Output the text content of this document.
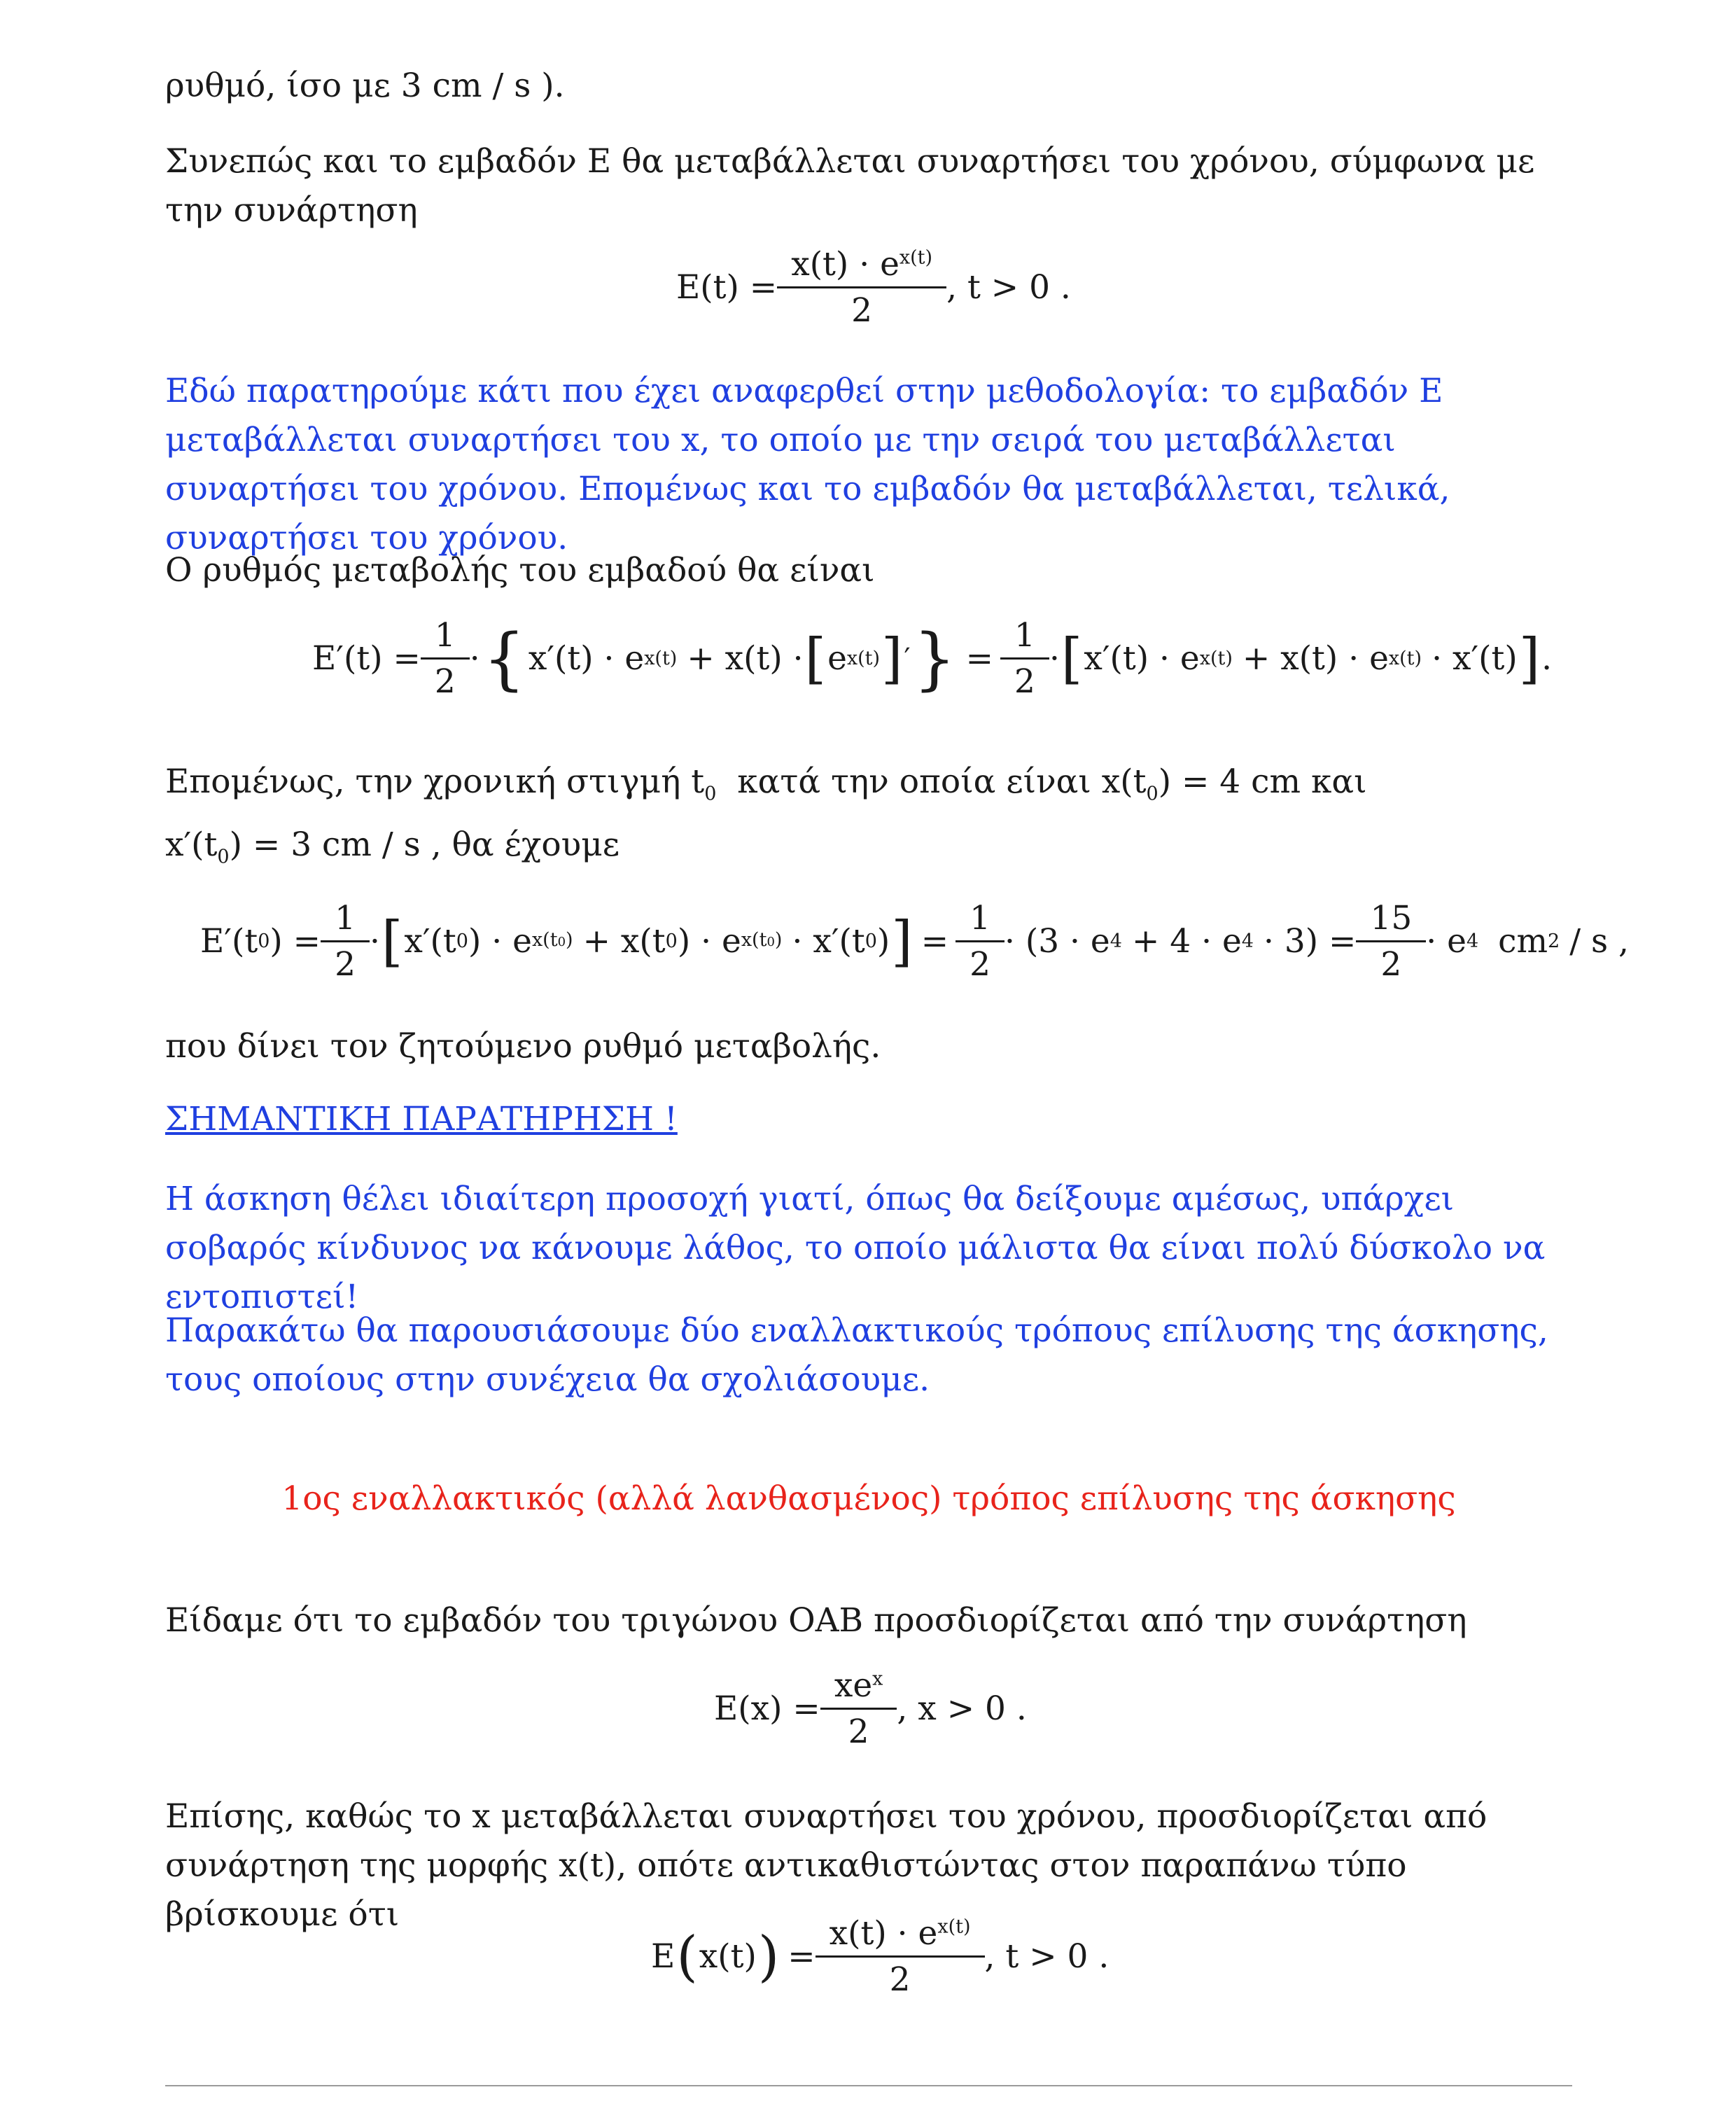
ρυθμό, ίσο με 3 cm / s ).

Συνεπώς και το εμβαδόν Ε θα μεταβάλλεται συναρτήσει του χρόνου, σύμφωνα με την συνάρτηση

$E(t) = \frac{x(t) \cdot e^{x(t)}}{2}$ , t > 0 .

Εδώ παρατηρούμε κάτι που έχει αναφερθεί στην μεθοδολογία: το εμβαδόν Ε μεταβάλλεται συναρτήσει του x, το οποίο με την σειρά του μεταβάλλεται συναρτήσει του χρόνου. Επομένως και το εμβαδόν θα μεταβάλλεται, τελικά, συναρτήσει του χρόνου.

Ο ρυθμός μεταβολής του εμβαδού θα είναι

$E'(t) = \frac{1}{2}$ · { x′(t) · e x(t) + x(t) · [ e x(t) ] ′ } = $\frac{1}{2}$ · [ x′(t) · e x(t) + x(t) · e x(t) · x′(t) ] .

Επομένως, την χρονική στιγμή $t_0$ κατά την οποία είναι $x(t_0) = 4$ cm και

$x'(t_0) = 3$ cm / s , θα έχουμε

E′(t 0 ) = $\frac{1}{2}$ · [ x′(t 0 ) · e x(t0) + x(t 0 ) · e x(t0) · x′(t 0 ) ] = $\frac{1}{2} \cdot (3 \cdot e$ 4 + 4 · e $4 \cdot 3) = \frac{15}{2} \cdot e$ 4 cm 2 / s ,

που δίνει τον ζητούμενο ρυθμό μεταβολής.

ΣΗΜΑΝΤΙΚΗ ΠΑΡΑΤΗΡΗΣΗ !

Η άσκηση θέλει ιδιαίτερη προσοχή γιατί, όπως θα δείξουμε αμέσως, υπάρχει σοβαρός κίνδυνος να κάνουμε λάθος, το οποίο μάλιστα θα είναι πολύ δύσκολο να εντοπιστεί!

Παρακάτω θα παρουσιάσουμε δύο εναλλακτικούς τρόπους επίλυσης της άσκησης, τους οποίους στην συνέχεια θα σχολιάσουμε.

1ος εναλλακτικός (αλλά λανθασμένος) τρόπος επίλυσης της άσκησης

Είδαμε ότι το εμβαδόν του τριγώνου ΟΑΒ προσδιορίζεται από την συνάρτηση

$E(x) = \frac{xe^x}{2}$ , x > 0 .

Επίσης, καθώς το x μεταβάλλεται συναρτήσει του χρόνου, προσδιορίζεται από συνάρτηση της μορφής x(t), οπότε αντικαθιστώντας στον παραπάνω τύπο βρίσκουμε ότι

E ( x(t) ) = $\frac{x(t) \cdot e^{x(t)}}{2}$ , t > 0 .
